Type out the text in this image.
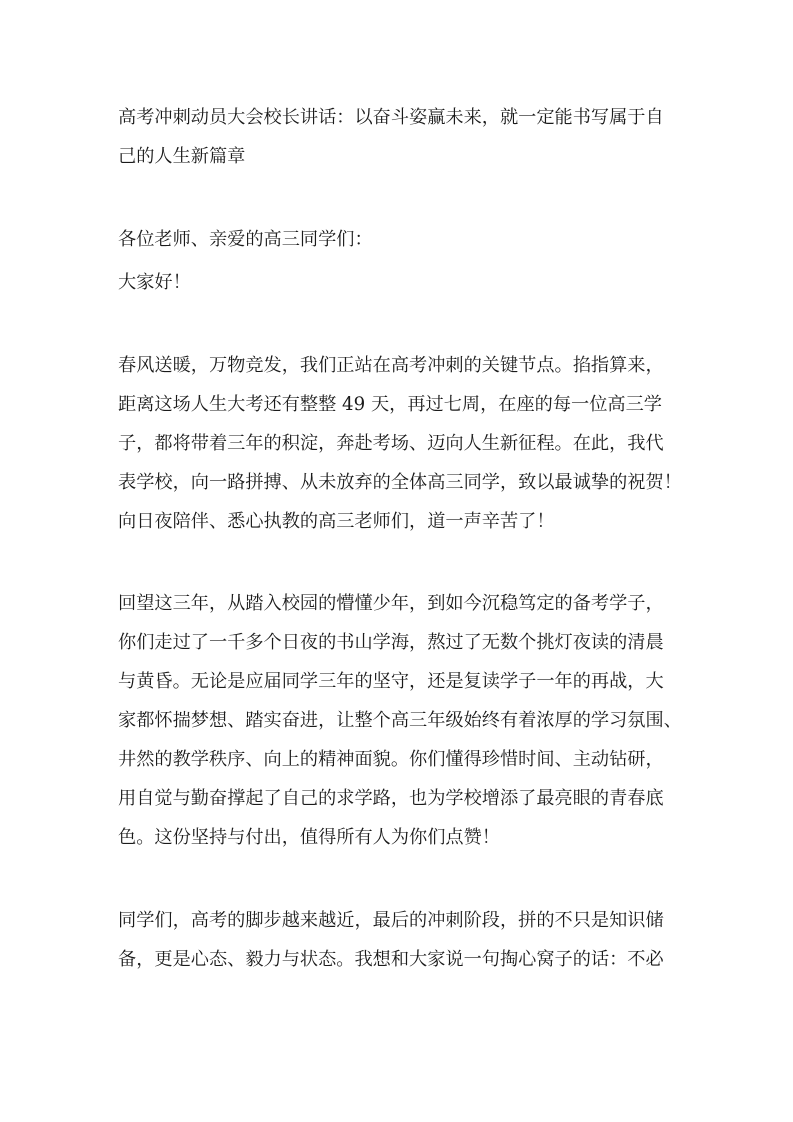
高考冲刺动员大会校长讲话：以奋斗姿赢未来，就一定能书写属于自
己的人生新篇章
各位老师、亲爱的高三同学们：
大家好！
春风送暖，万物竞发，我们正站在高考冲刺的关键节点。掐指算来，
距离这场人生大考还有整整 49 天，再过七周，在座的每一位高三学
子，都将带着三年的积淀，奔赴考场、迈向人生新征程。在此，我代
表学校，向一路拼搏、从未放弃的全体高三同学，致以最诚挚的祝贺！
向日夜陪伴、悉心执教的高三老师们，道一声辛苦了！
回望这三年，从踏入校园的懵懂少年，到如今沉稳笃定的备考学子，
你们走过了一千多个日夜的书山学海，熬过了无数个挑灯夜读的清晨
与黄昏。无论是应届同学三年的坚守，还是复读学子一年的再战，大
家都怀揣梦想、踏实奋进，让整个高三年级始终有着浓厚的学习氛围、
井然的教学秩序、向上的精神面貌。你们懂得珍惜时间、主动钻研，
用自觉与勤奋撑起了自己的求学路，也为学校增添了最亮眼的青春底
色。这份坚持与付出，值得所有人为你们点赞！
同学们，高考的脚步越来越近，最后的冲刺阶段，拼的不只是知识储
备，更是心态、毅力与状态。我想和大家说一句掏心窝子的话：不必
